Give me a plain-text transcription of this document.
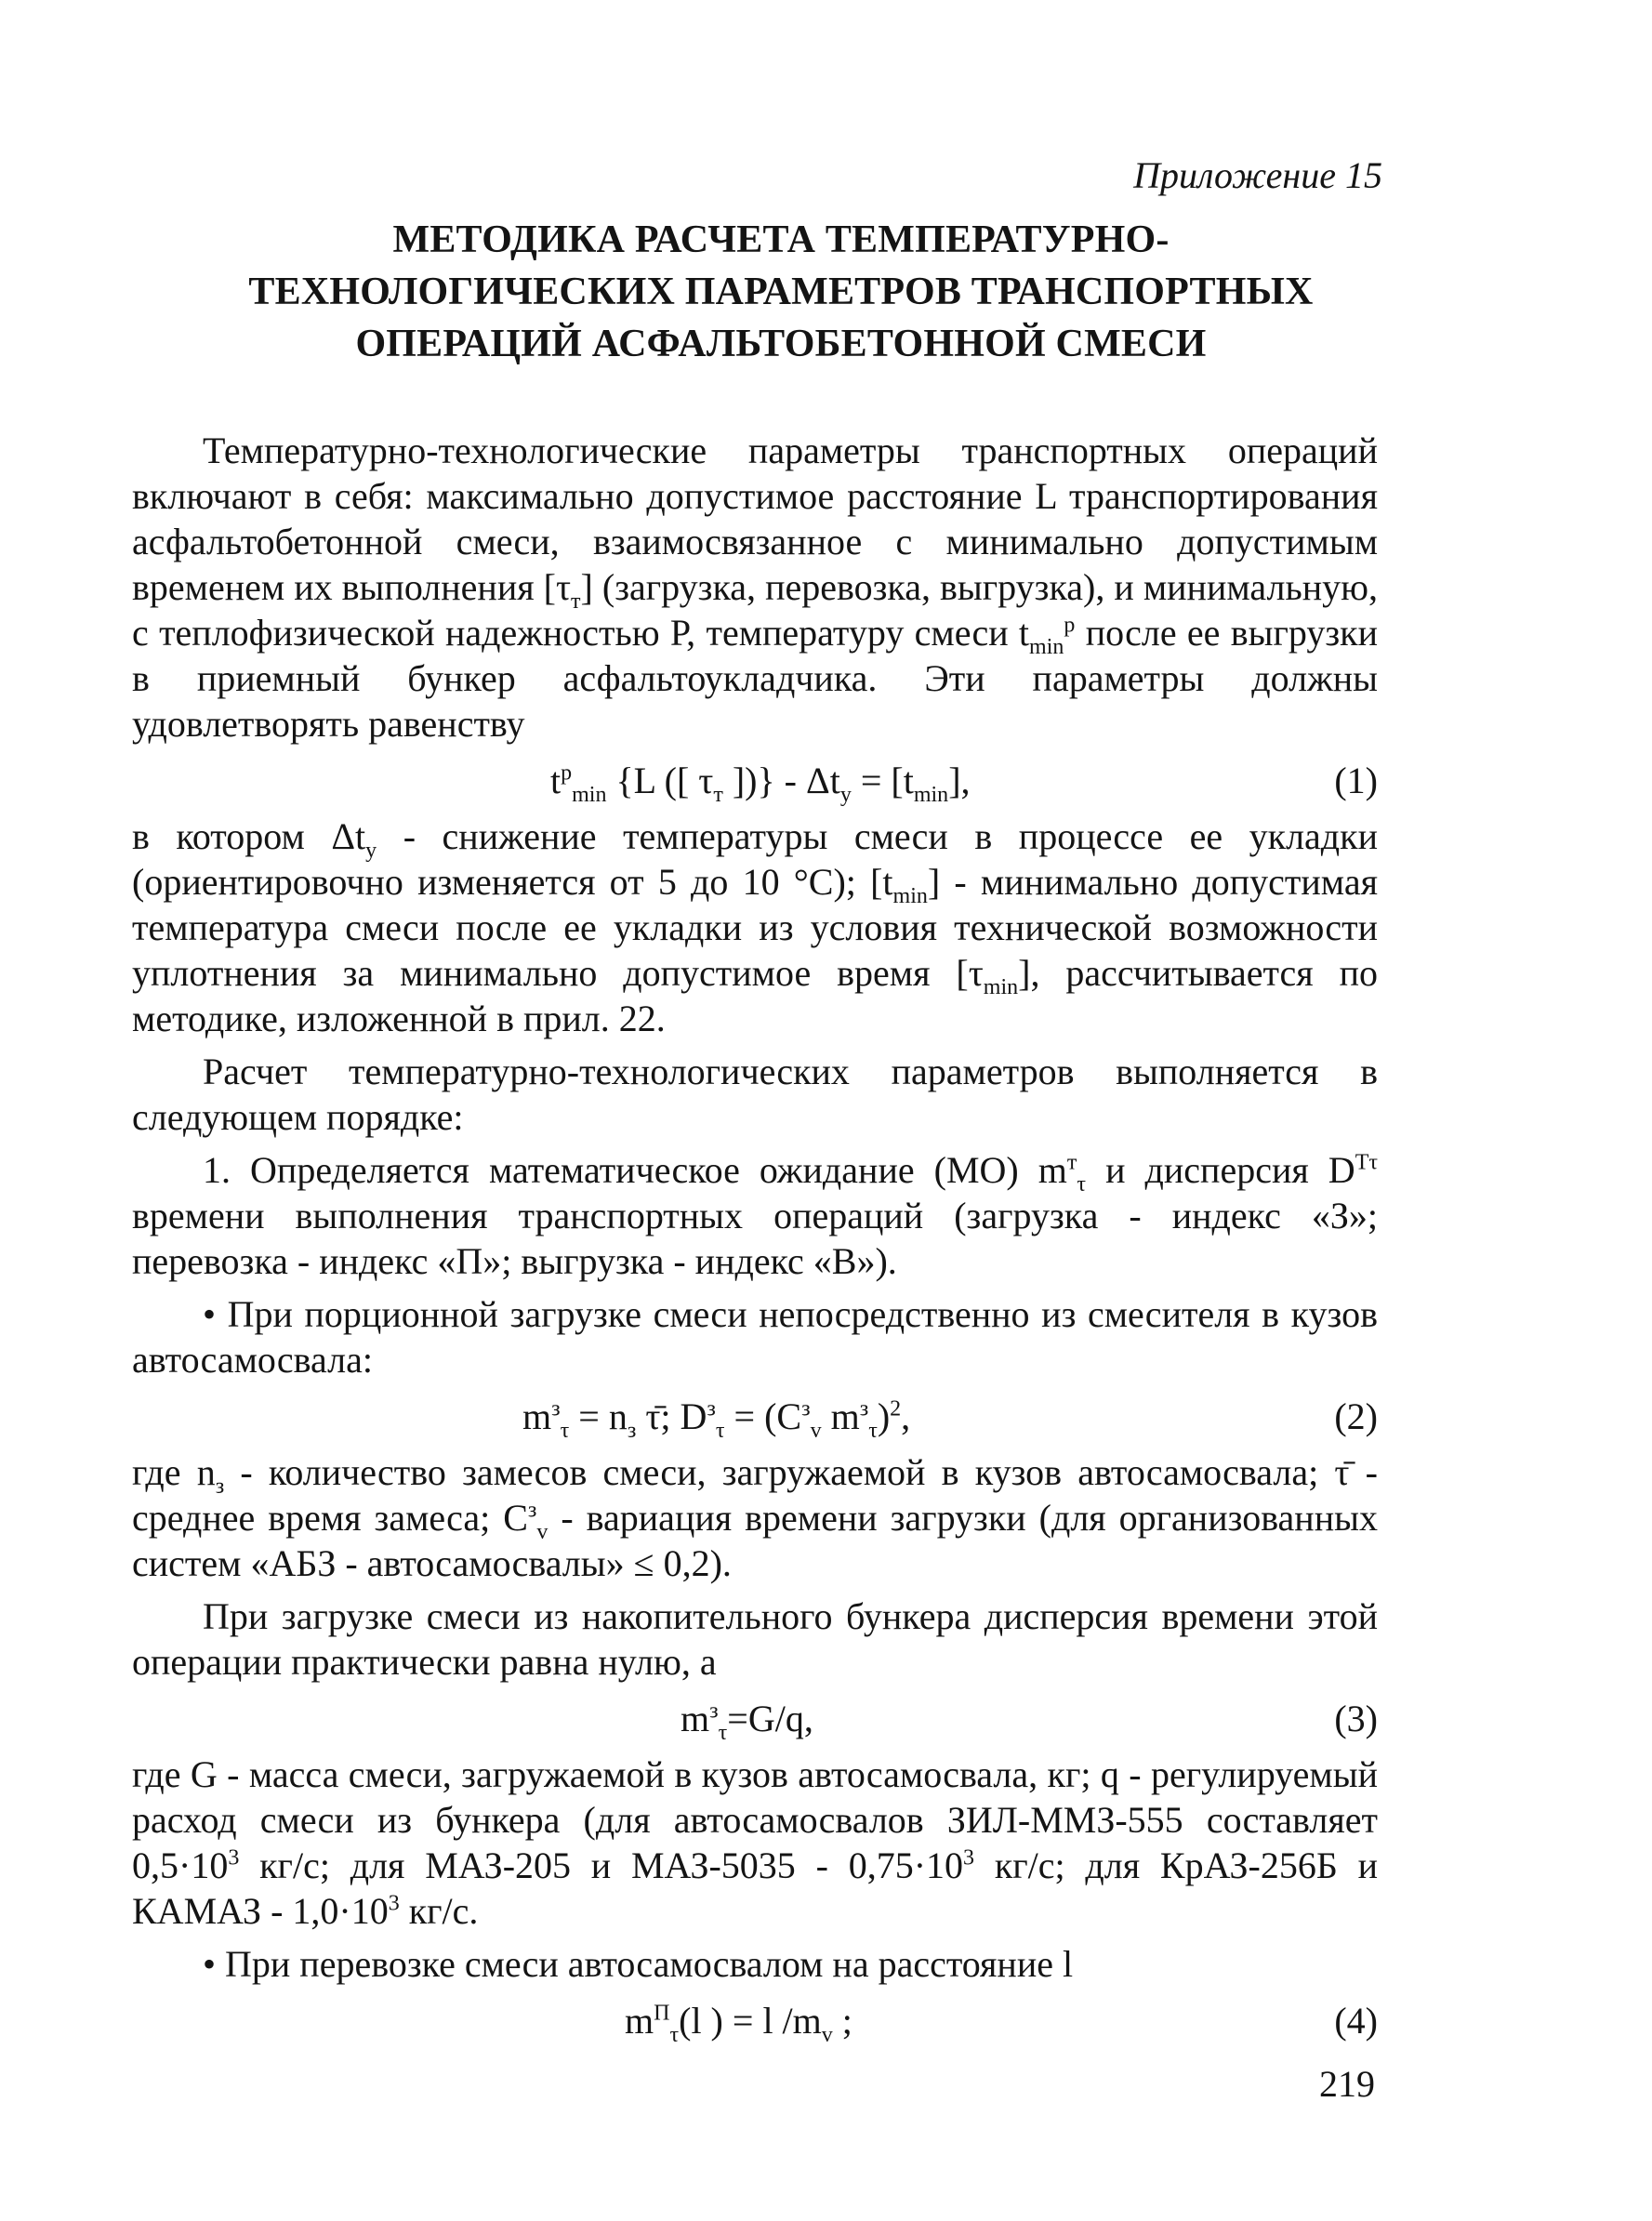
Приложение 15
МЕТОДИКА РАСЧЕТА ТЕМПЕРАТУРНО-
ТЕХНОЛОГИЧЕСКИХ ПАРАМЕТРОВ ТРАНСПОРТНЫХ
ОПЕРАЦИЙ АСФАЛЬТОБЕТОННОЙ СМЕСИ

Температурно-технологические параметры транспортных операций включают в себя: максимально допустимое расстояние L транспортирования асфальтобетонной смеси, взаимосвязанное с минимально допустимым временем их выполнения $[\tau_т]$ (загрузка, перевозка, выгрузка), и минимальную, с теплофизической надежностью Р, температуру смеси $t_{min}^р$ после ее выгрузки в приемный бункер асфальтоукладчика. Эти параметры должны удовлетворять равенству

$t^р_{min}$ {L ([ $\tau_т$ ])} - $\Delta t_у = [t_{min}]$,	(1)

в котором $\Delta t_у$ - снижение температуры смеси в процессе ее укладки (ориентировочно изменяется от 5 до 10 °С); $[t_{min}]$ - минимально допустимая температура смеси после ее укладки из условия технической возможности уплотнения за минимально допустимое время $[\tau_{min}]$, рассчитывается по методике, изложенной в прил. 22.

Расчет температурно-технологических параметров выполняется в следующем порядке:

1. Определяется математическое ожидание (МО) $m^т_\tau$ и дисперсия $D^{Т\tau}$ времени выполнения транспортных операций (загрузка - индекс «З»; перевозка - индекс «П»; выгрузка - индекс «В»).

• При порционной загрузке смеси непосредственно из смесителя в кузов автосамосвала:

$m^з_\tau = n_з$ τ̄; $D^з_\tau = (C^з_v$ $m^з_\tau)^2$,	(2)

где $n_з$ - количество замесов смеси, загружаемой в кузов автосамосвала; τ̄ - среднее время замеса; $C^з_v$ - вариация времени загрузки (для организованных систем «АБЗ - автосамосвалы» ≤ 0,2).

При загрузке смеси из накопительного бункера дисперсия времени этой операции практически равна нулю, а

$m^з_\tau=G/q$,	(3)

где G - масса смеси, загружаемой в кузов автосамосвала, кг; q - регулируемый расход смеси из бункера (для автосамосвалов ЗИЛ-ММЗ-555 составляет $0,5\cdot 10^3$ кг/с; для МАЗ-205 и $МАЗ-5035 - 0,75\cdot 10^3$ кг/с; для КрАЗ-256Б и КАМАЗ - $1,0\cdot 10^3$ кг/с.

• При перевозке смеси автосамосвалом на расстояние l

$m^П_\tau(l$ ) = l $/m_v$ ;	(4)
219
